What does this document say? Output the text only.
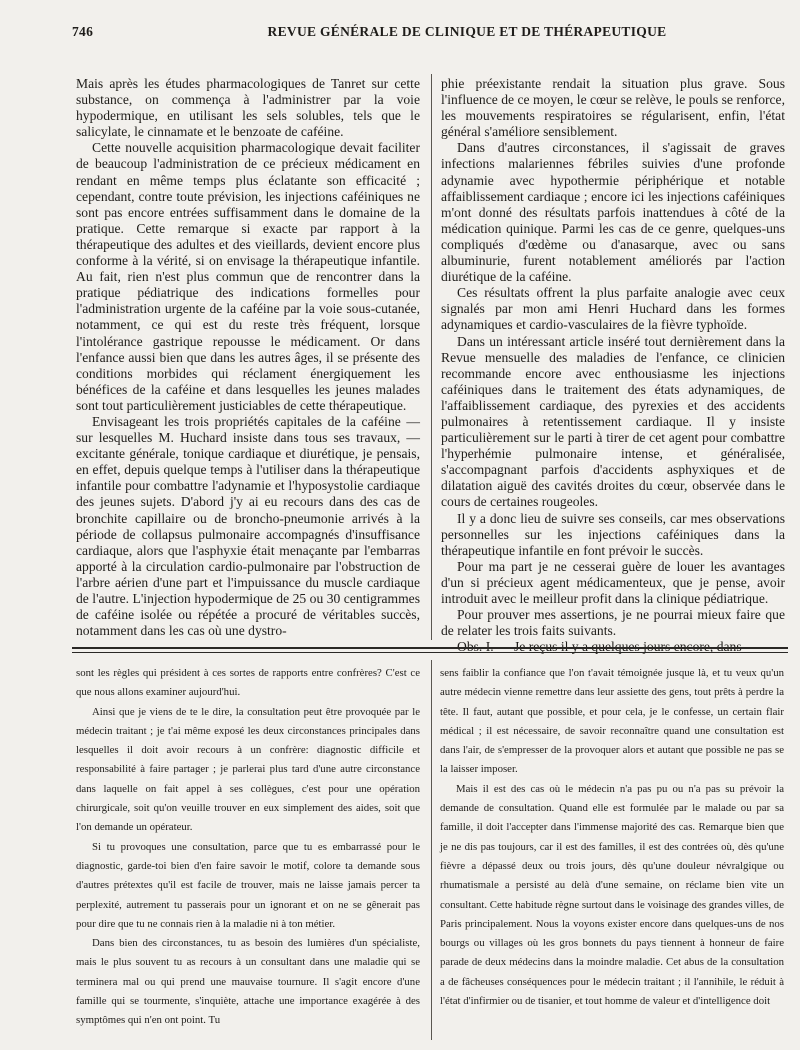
746	REVUE GÉNÉRALE DE CLINIQUE ET DE THÉRAPEUTIQUE

Mais après les études pharmacologiques de Tanret sur cette substance, on commença à l'administrer par la voie hypodermique, en utilisant les sels solubles, tels que le salicylate, le cinnamate et le benzoate de caféine.

Cette nouvelle acquisition pharmacologique devait faciliter de beaucoup l'administration de ce précieux médicament en rendant en même temps plus éclatante son efficacité ; cependant, contre toute prévision, les injections caféiniques ne sont pas encore entrées suffisamment dans le domaine de la pratique. Cette remarque si exacte par rapport à la thérapeutique des adultes et des vieillards, devient encore plus conforme à la vérité, si on envisage la thérapeutique infantile. Au fait, rien n'est plus commun que de rencontrer dans la pratique pédiatrique des indications formelles pour l'administration urgente de la caféine par la voie sous-cutanée, notamment, ce qui est du reste très fréquent, lorsque l'intolérance gastrique repousse le médicament. Or dans l'enfance aussi bien que dans les autres âges, il se présente des conditions morbides qui réclament énergiquement les bénéfices de la caféine et dans lesquelles les jeunes malades sont tout particulièrement justiciables de cette thérapeutique.

Envisageant les trois propriétés capitales de la caféine — sur lesquelles M. Huchard insiste dans tous ses travaux, — excitante générale, tonique cardiaque et diurétique, je pensais, en effet, depuis quelque temps à l'utiliser dans la thérapeutique infantile pour combattre l'adynamie et l'hyposystolie cardiaque des jeunes sujets. D'abord j'y ai eu recours dans des cas de bronchite capillaire ou de broncho-pneumonie arrivés à la période de collapsus pulmonaire accompagnés d'insuffisance cardiaque, alors que l'asphyxie était menaçante par l'embarras apporté à la circulation cardio-pulmonaire par l'obstruction de l'arbre aérien d'une part et l'impuissance du muscle cardiaque de l'autre. L'injection hypodermique de 25 ou 30 centigrammes de caféine isolée ou répétée a procuré de véritables succès, notamment dans les cas où une dystro-

phie préexistante rendait la situation plus grave. Sous l'influence de ce moyen, le cœur se relève, le pouls se renforce, les mouvements respiratoires se régularisent, enfin, l'état général s'améliore sensiblement.

Dans d'autres circonstances, il s'agissait de graves infections malariennes fébriles suivies d'une profonde adynamie avec hypothermie périphérique et notable affaiblissement cardiaque ; encore ici les injections caféiniques m'ont donné des résultats parfois inattendues à côté de la médication quinique. Parmi les cas de ce genre, quelques-uns compliqués d'œdème ou d'anasarque, avec ou sans albuminurie, furent notablement améliorés par l'action diurétique de la caféine.

Ces résultats offrent la plus parfaite analogie avec ceux signalés par mon ami Henri Huchard dans les formes adynamiques et cardio-vasculaires de la fièvre typhoïde.

Dans un intéressant article inséré tout dernièrement dans la Revue mensuelle des maladies de l'enfance, ce clinicien recommande encore avec enthousiasme les injections caféiniques dans le traitement des états adynamiques, de l'affaiblissement cardiaque, des pyrexies et des accidents pulmonaires à retentissement cardiaque. Il y insiste particulièrement sur le parti à tirer de cet agent pour combattre l'hyperhémie pulmonaire intense, et généralisée, s'accompagnant parfois d'accidents asphyxiques et de dilatation aiguë des cavités droites du cœur, observée dans le cours de certaines rougeoles.

Il y a donc lieu de suivre ses conseils, car mes observations personnelles sur les injections caféiniques dans la thérapeutique infantile en font prévoir le succès.

Pour ma part je ne cesserai guère de louer les avantages d'un si précieux agent médicamenteux, que je pense, avoir introduit avec le meilleur profit dans la clinique pédiatrique.

Pour prouver mes assertions, je ne pourrai mieux faire que de relater les trois faits suivants.

sont les règles qui président à ces sortes de rapports entre confrères? C'est ce que nous allons examiner aujourd'hui.

Ainsi que je viens de te le dire, la consultation peut être provoquée par le médecin traitant ; je t'ai même exposé les deux circonstances principales dans lesquelles il doit avoir recours à un confrère: diagnostic difficile et responsabilité à faire partager ; je parlerai plus tard d'une autre circonstance dans laquelle on fait appel à ses collègues, c'est pour une opération chirurgicale, soit qu'on veuille trouver en eux simplement des aides, soit que l'on demande un opérateur.

Si tu provoques une consultation, parce que tu es embarrassé pour le diagnostic, garde-toi bien d'en faire savoir le motif, colore ta demande sous d'autres prétextes qu'il est facile de trouver, mais ne laisse jamais percer ta perplexité, autrement tu passerais pour un ignorant et on ne se gênerait pas pour dire que tu ne connais rien à la maladie ni à ton métier.

Dans bien des circonstances, tu as besoin des lumières d'un spécialiste, mais le plus souvent tu as recours à un consultant dans une maladie qui se terminera mal ou qui prend une mauvaise tournure. Il s'agit encore d'une famille qui se tourmente, s'inquiète, attache une importance exagérée à des symptômes qui n'en ont point. Tu

sens faiblir la confiance que l'on t'avait témoignée jusque là, et tu veux qu'un autre médecin vienne remettre dans leur assiette des gens, tout prêts à perdre la tête. Il faut, autant que possible, et pour cela, je le confesse, un certain flair médical ; il est nécessaire, de savoir reconnaître quand une consultation est dans l'air, de s'empresser de la provoquer alors et autant que possible ne pas se la laisser imposer.

Mais il est des cas où le médecin n'a pas pu ou n'a pas su prévoir la demande de consultation. Quand elle est formulée par le malade ou par sa famille, il doit l'accepter dans l'immense majorité des cas. Remarque bien que je ne dis pas toujours, car il est des familles, il est des contrées où, dès qu'une fièvre a dépassé deux ou trois jours, dès qu'une douleur névralgique ou rhumatismale a persisté au delà d'une semaine, on réclame bien vite un consultant. Cette habitude règne surtout dans le voisinage des grandes villes, de Paris principalement. Nous la voyons exister encore dans quelques-uns de nos bourgs ou villages où les gros bonnets du pays tiennent à honneur de faire parade de deux médecins dans la moindre maladie. Cet abus de la consultation a de fâcheuses conséquences pour le médecin traitant ; il l'annihile, le réduit à l'état d'infirmier ou de tisanier, et tout homme de valeur et d'intelligence doit
